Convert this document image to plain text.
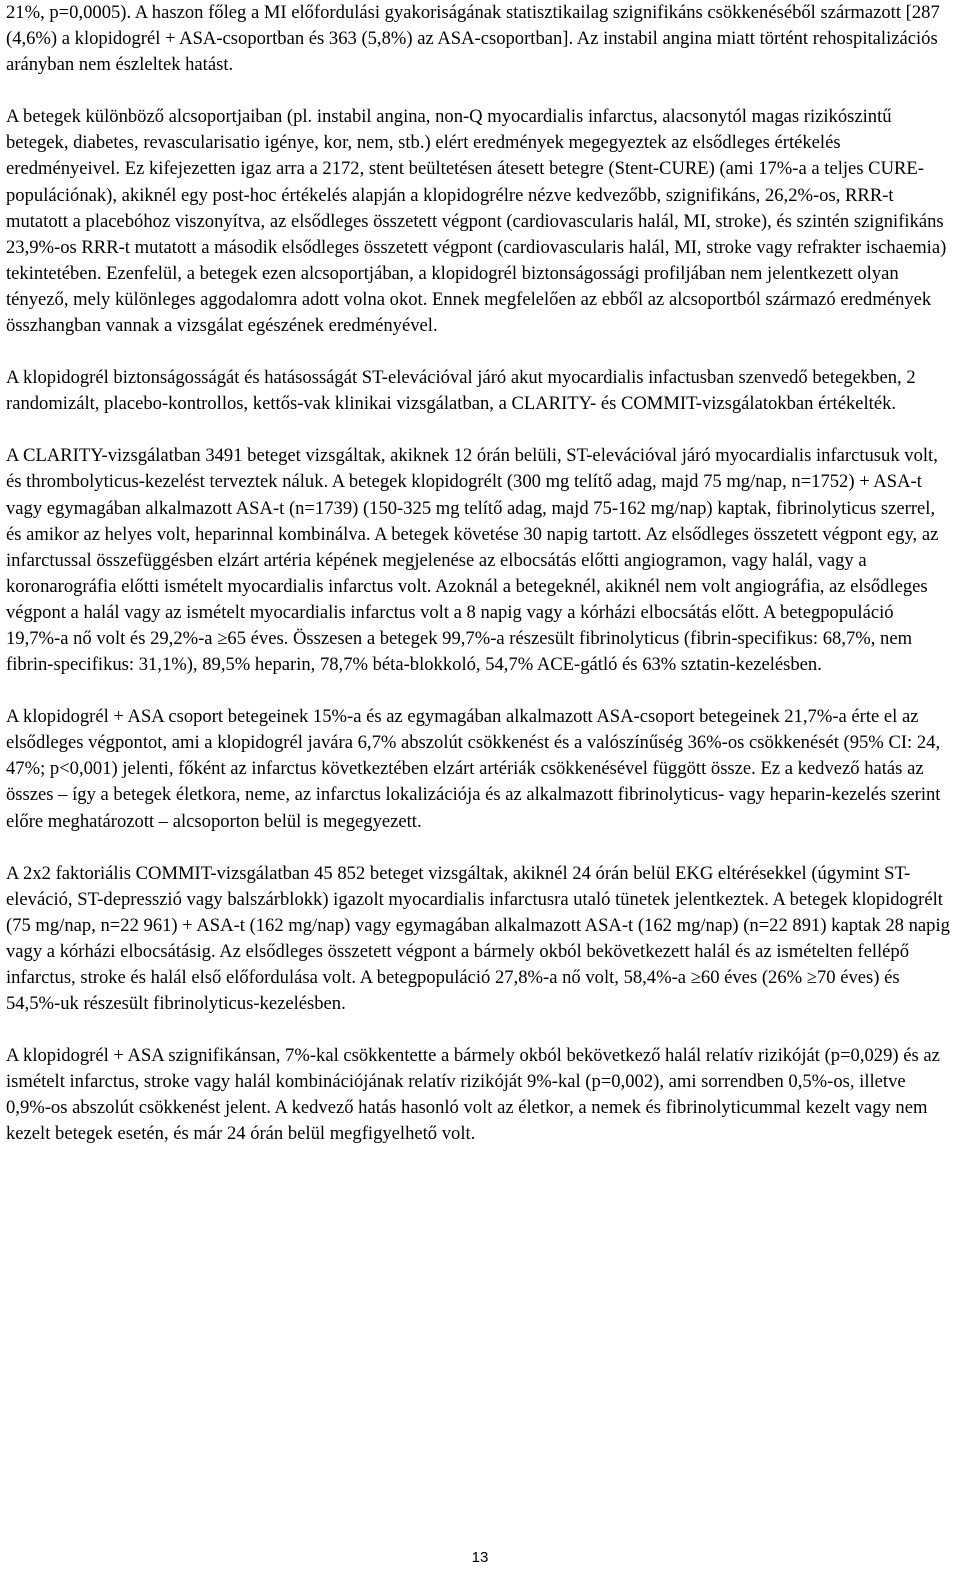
21%, p=0,0005). A haszon főleg a MI előfordulási gyakoriságának statisztikailag szignifikáns csökkenéséből származott [287 (4,6%) a klopidogrél + ASA-csoportban és 363 (5,8%) az ASA-csoportban]. Az instabil angina miatt történt rehospitalizációs arányban nem észleltek hatást.

A betegek különböző alcsoportjaiban (pl. instabil angina, non-Q myocardialis infarctus, alacsonytól magas rizikószintű betegek, diabetes, revascularisatio igénye, kor, nem, stb.) elért eredmények megegyeztek az elsődleges értékelés eredményeivel. Ez kifejezetten igaz arra a 2172, stent beültetésen átesett betegre (Stent-CURE) (ami 17%-a a teljes CURE-populációnak), akiknél egy post-hoc értékelés alapján a klopidogrélre nézve kedvezőbb, szignifikáns, 26,2%-os, RRR-t mutatott a placebóhoz viszonyítva, az elsődleges összetett végpont (cardiovascularis halál, MI, stroke), és szintén szignifikáns 23,9%-os RRR-t mutatott a második elsődleges összetett végpont (cardiovascularis halál, MI, stroke vagy refrakter ischaemia) tekintetében. Ezenfelül, a betegek ezen alcsoportjában, a klopidogrél biztonságossági profiljában nem jelentkezett olyan tényező, mely különleges aggodalomra adott volna okot. Ennek megfelelően az ebből az alcsoportból származó eredmények összhangban vannak a vizsgálat egészének eredményével.

A klopidogrél biztonságosságát és hatásosságát ST-elevációval járó akut myocardialis infactusban szenvedő betegekben, 2 randomizált, placebo-kontrollos, kettős-vak klinikai vizsgálatban, a CLARITY- és COMMIT-vizsgálatokban értékelték.

A CLARITY-vizsgálatban 3491 beteget vizsgáltak, akiknek 12 órán belüli, ST-elevációval járó myocardialis infarctusuk volt, és thrombolyticus-kezelést terveztek náluk. A betegek klopidogrélt (300 mg telítő adag, majd 75 mg/nap, n=1752) + ASA-t vagy egymagában alkalmazott ASA-t (n=1739) (150-325 mg telítő adag, majd 75-162 mg/nap) kaptak, fibrinolyticus szerrel, és amikor az helyes volt, heparinnal kombinálva. A betegek követése 30 napig tartott. Az elsődleges összetett végpont egy, az infarctussal összefüggésben elzárt artéria képének megjelenése az elbocsátás előtti angiogramon, vagy halál, vagy a koronarográfia előtti ismételt myocardialis infarctus volt. Azoknál a betegeknél, akiknél nem volt angiográfia, az elsődleges végpont a halál vagy az ismételt myocardialis infarctus volt a 8 napig vagy a kórházi elbocsátás előtt. A betegpopuláció 19,7%-a nő volt és 29,2%-a ≥65 éves. Összesen a betegek 99,7%-a részesült fibrinolyticus (fibrin-specifikus: 68,7%, nem fibrin-specifikus: 31,1%), 89,5% heparin, 78,7% béta-blokkoló, 54,7% ACE-gátló és 63% sztatin-kezelésben.

A klopidogrél + ASA csoport betegeinek 15%-a és az egymagában alkalmazott ASA-csoport betegeinek 21,7%-a érte el az elsődleges végpontot, ami a klopidogrél javára 6,7% abszolút csökkenést és a valószínűség 36%-os csökkenését (95% CI: 24, 47%; p<0,001) jelenti, főként az infarctus következtében elzárt artériák csökkenésével függött össze. Ez a kedvező hatás az összes – így a betegek életkora, neme, az infarctus lokalizációja és az alkalmazott fibrinolyticus- vagy heparin-kezelés szerint előre meghatározott – alcsoporton belül is megegyezett.

A 2x2 faktoriális COMMIT-vizsgálatban 45 852 beteget vizsgáltak, akiknél 24 órán belül EKG eltérésekkel (úgymint ST-eleváció, ST-depresszió vagy balszárblokk) igazolt myocardialis infarctusra utaló tünetek jelentkeztek. A betegek klopidogrélt (75 mg/nap, n=22 961) + ASA-t (162 mg/nap) vagy egymagában alkalmazott ASA-t (162 mg/nap) (n=22 891) kaptak 28 napig vagy a kórházi elbocsátásig. Az elsődleges összetett végpont a bármely okból bekövetkezett halál és az ismételten fellépő infarctus, stroke és halál első előfordulása volt. A betegpopuláció 27,8%-a nő volt, 58,4%-a ≥60 éves (26% ≥70 éves) és 54,5%-uk részesült fibrinolyticus-kezelésben.

A klopidogrél + ASA szignifikánsan, 7%-kal csökkentette a bármely okból bekövetkező halál relatív rizikóját (p=0,029) és az ismételt infarctus, stroke vagy halál kombinációjának relatív rizikóját 9%-kal (p=0,002), ami sorrendben 0,5%-os, illetve 0,9%-os abszolút csökkenést jelent. A kedvező hatás hasonló volt az életkor, a nemek és fibrinolyticummal kezelt vagy nem kezelt betegek esetén, és már 24 órán belül megfigyelhető volt.

13
